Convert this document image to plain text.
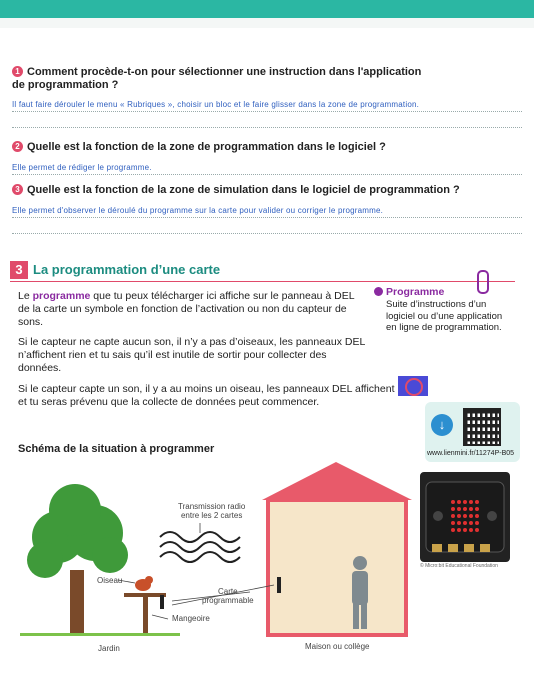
1 Comment procède-t-on pour sélectionner une instruction dans l'application de programmation ?
Il faut faire dérouler le menu « Rubriques », choisir un bloc et le faire glisser dans la zone de programmation.
2 Quelle est la fonction de la zone de programmation dans le logiciel ?
Elle permet de rédiger le programme.
3 Quelle est la fonction de la zone de simulation dans le logiciel de programmation ?
Elle permet d'observer le déroulé du programme sur la carte pour valider ou corriger le programme.
3 La programmation d’une carte
Le programme que tu peux télécharger ici affiche sur le panneau à DEL de la carte un symbole en fonction de l’activation ou non du capteur de sons.
Si le capteur ne capte aucun son, il n’y a pas d’oiseaux, les panneaux DEL n’affichent rien et tu sais qu’il est inutile de sortir pour collecter des données.
Si le capteur capte un son, il y a au moins un oiseau, les panneaux DEL affichent et tu seras prévenu que la collecte de données peut commencer.
Programme
Suite d’instructions d’un logiciel ou d’une application en ligne de programmation.
↓
www.lienmini.fr/11274P-B05
Schéma de la situation à programmer
Transmission radio
entre les 2 cartes
Oiseau
Carte
programmable
Mangeoire
Jardin	Maison ou collège
© Micro:bit Educational Foundation
